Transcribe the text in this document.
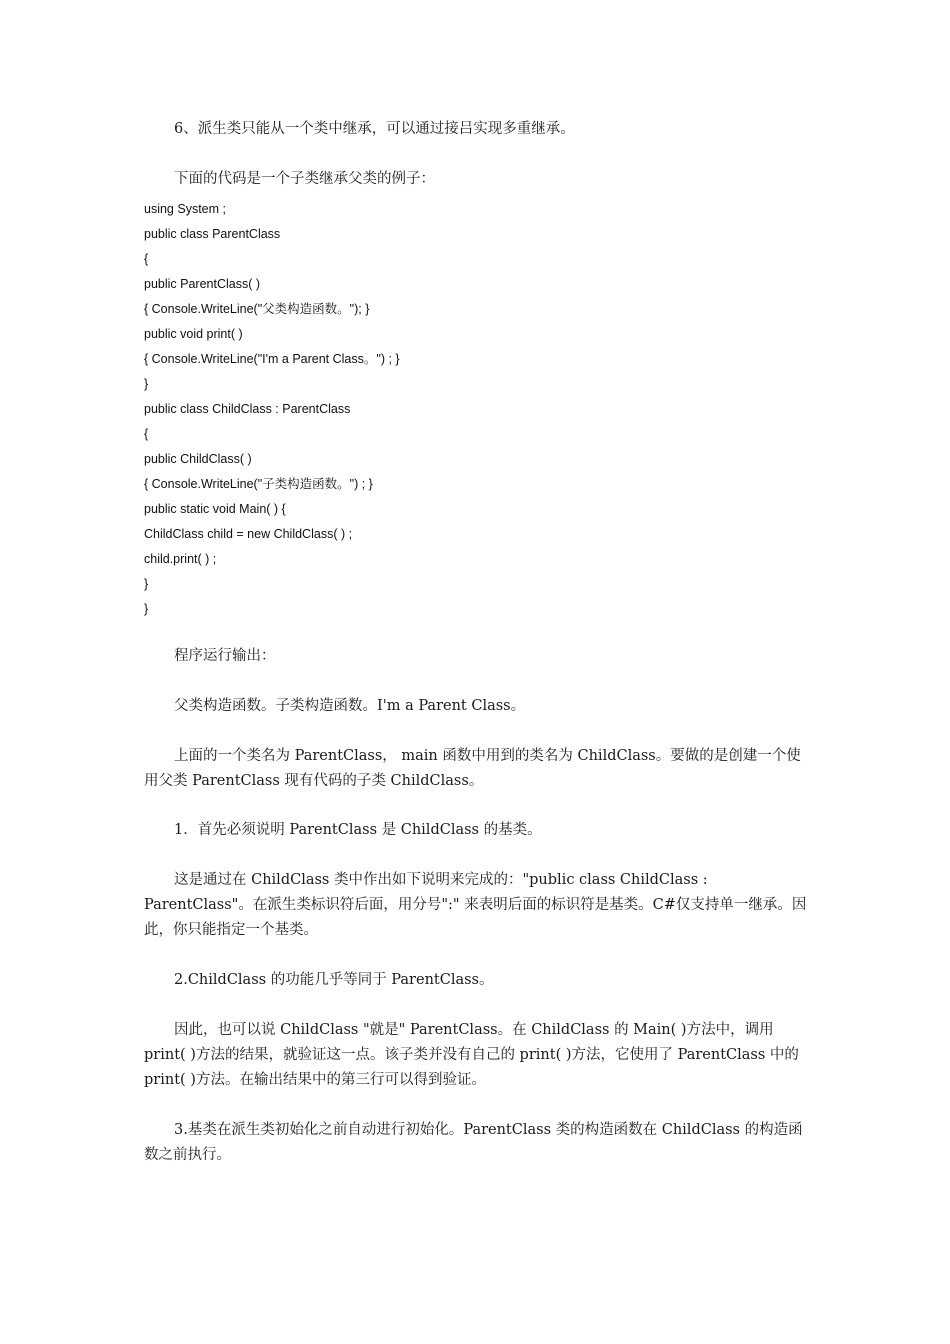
6、派生类只能从一个类中继承，可以通过接吕实现多重继承。

下面的代码是一个子类继承父类的例子：

using System ;
public class ParentClass
{
public ParentClass( )
{ Console.WriteLine("父类构造函数。"); }
public void print( )
{ Console.WriteLine("I'm a Parent Class。") ; }
}
public class ChildClass : ParentClass
{
public ChildClass( )
{ Console.WriteLine("子类构造函数。") ; }
public static void Main( ) {
ChildClass child = new ChildClass( ) ;
child.print( ) ;
}
}

程序运行输出：

父类构造函数。子类构造函数。I'm a Parent Class。

上面的一个类名为 ParentClass， main 函数中用到的类名为 ChildClass。要做的是创建一个使用父类 ParentClass 现有代码的子类 ChildClass。

1．首先必须说明 ParentClass 是 ChildClass 的基类。

这是通过在 ChildClass 类中作出如下说明来完成的："public class ChildClass : ParentClass"。在派生类标识符后面，用分号":" 来表明后面的标识符是基类。C#仅支持单一继承。因此，你只能指定一个基类。

2.ChildClass 的功能几乎等同于 ParentClass。

因此，也可以说 ChildClass "就是" ParentClass。在 ChildClass 的 Main( )方法中，调用 print( )方法的结果，就验证这一点。该子类并没有自己的 print( )方法，它使用了 ParentClass 中的 print( )方法。在输出结果中的第三行可以得到验证。

3.基类在派生类初始化之前自动进行初始化。ParentClass 类的构造函数在 ChildClass 的构造函数之前执行。
